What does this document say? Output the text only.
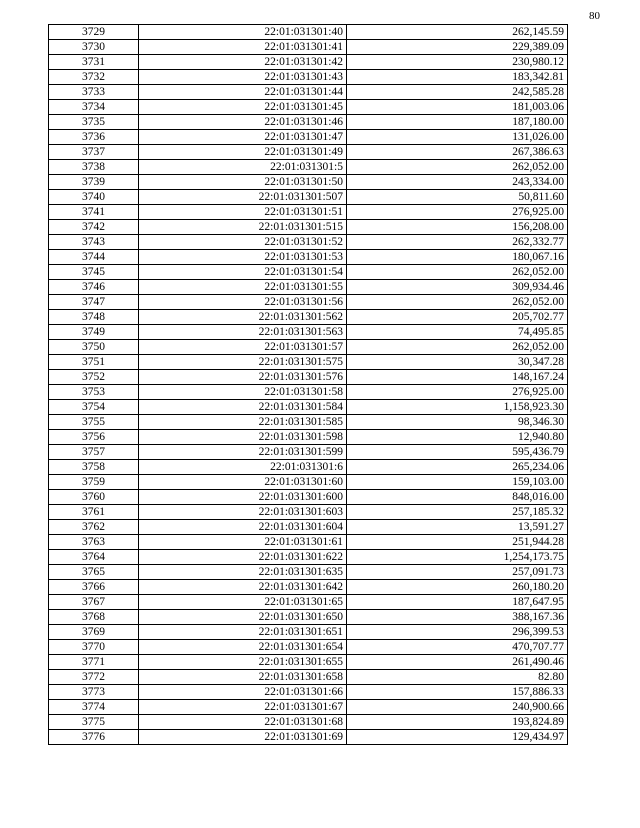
80
3729	22:01:031301:40	262,145.59
3730	22:01:031301:41	229,389.09
3731	22:01:031301:42	230,980.12
3732	22:01:031301:43	183,342.81
3733	22:01:031301:44	242,585.28
3734	22:01:031301:45	181,003.06
3735	22:01:031301:46	187,180.00
3736	22:01:031301:47	131,026.00
3737	22:01:031301:49	267,386.63
3738	22:01:031301:5	262,052.00
3739	22:01:031301:50	243,334.00
3740	22:01:031301:507	50,811.60
3741	22:01:031301:51	276,925.00
3742	22:01:031301:515	156,208.00
3743	22:01:031301:52	262,332.77
3744	22:01:031301:53	180,067.16
3745	22:01:031301:54	262,052.00
3746	22:01:031301:55	309,934.46
3747	22:01:031301:56	262,052.00
3748	22:01:031301:562	205,702.77
3749	22:01:031301:563	74,495.85
3750	22:01:031301:57	262,052.00
3751	22:01:031301:575	30,347.28
3752	22:01:031301:576	148,167.24
3753	22:01:031301:58	276,925.00
3754	22:01:031301:584	1,158,923.30
3755	22:01:031301:585	98,346.30
3756	22:01:031301:598	12,940.80
3757	22:01:031301:599	595,436.79
3758	22:01:031301:6	265,234.06
3759	22:01:031301:60	159,103.00
3760	22:01:031301:600	848,016.00
3761	22:01:031301:603	257,185.32
3762	22:01:031301:604	13,591.27
3763	22:01:031301:61	251,944.28
3764	22:01:031301:622	1,254,173.75
3765	22:01:031301:635	257,091.73
3766	22:01:031301:642	260,180.20
3767	22:01:031301:65	187,647.95
3768	22:01:031301:650	388,167.36
3769	22:01:031301:651	296,399.53
3770	22:01:031301:654	470,707.77
3771	22:01:031301:655	261,490.46
3772	22:01:031301:658	82.80
3773	22:01:031301:66	157,886.33
3774	22:01:031301:67	240,900.66
3775	22:01:031301:68	193,824.89
3776	22:01:031301:69	129,434.97
